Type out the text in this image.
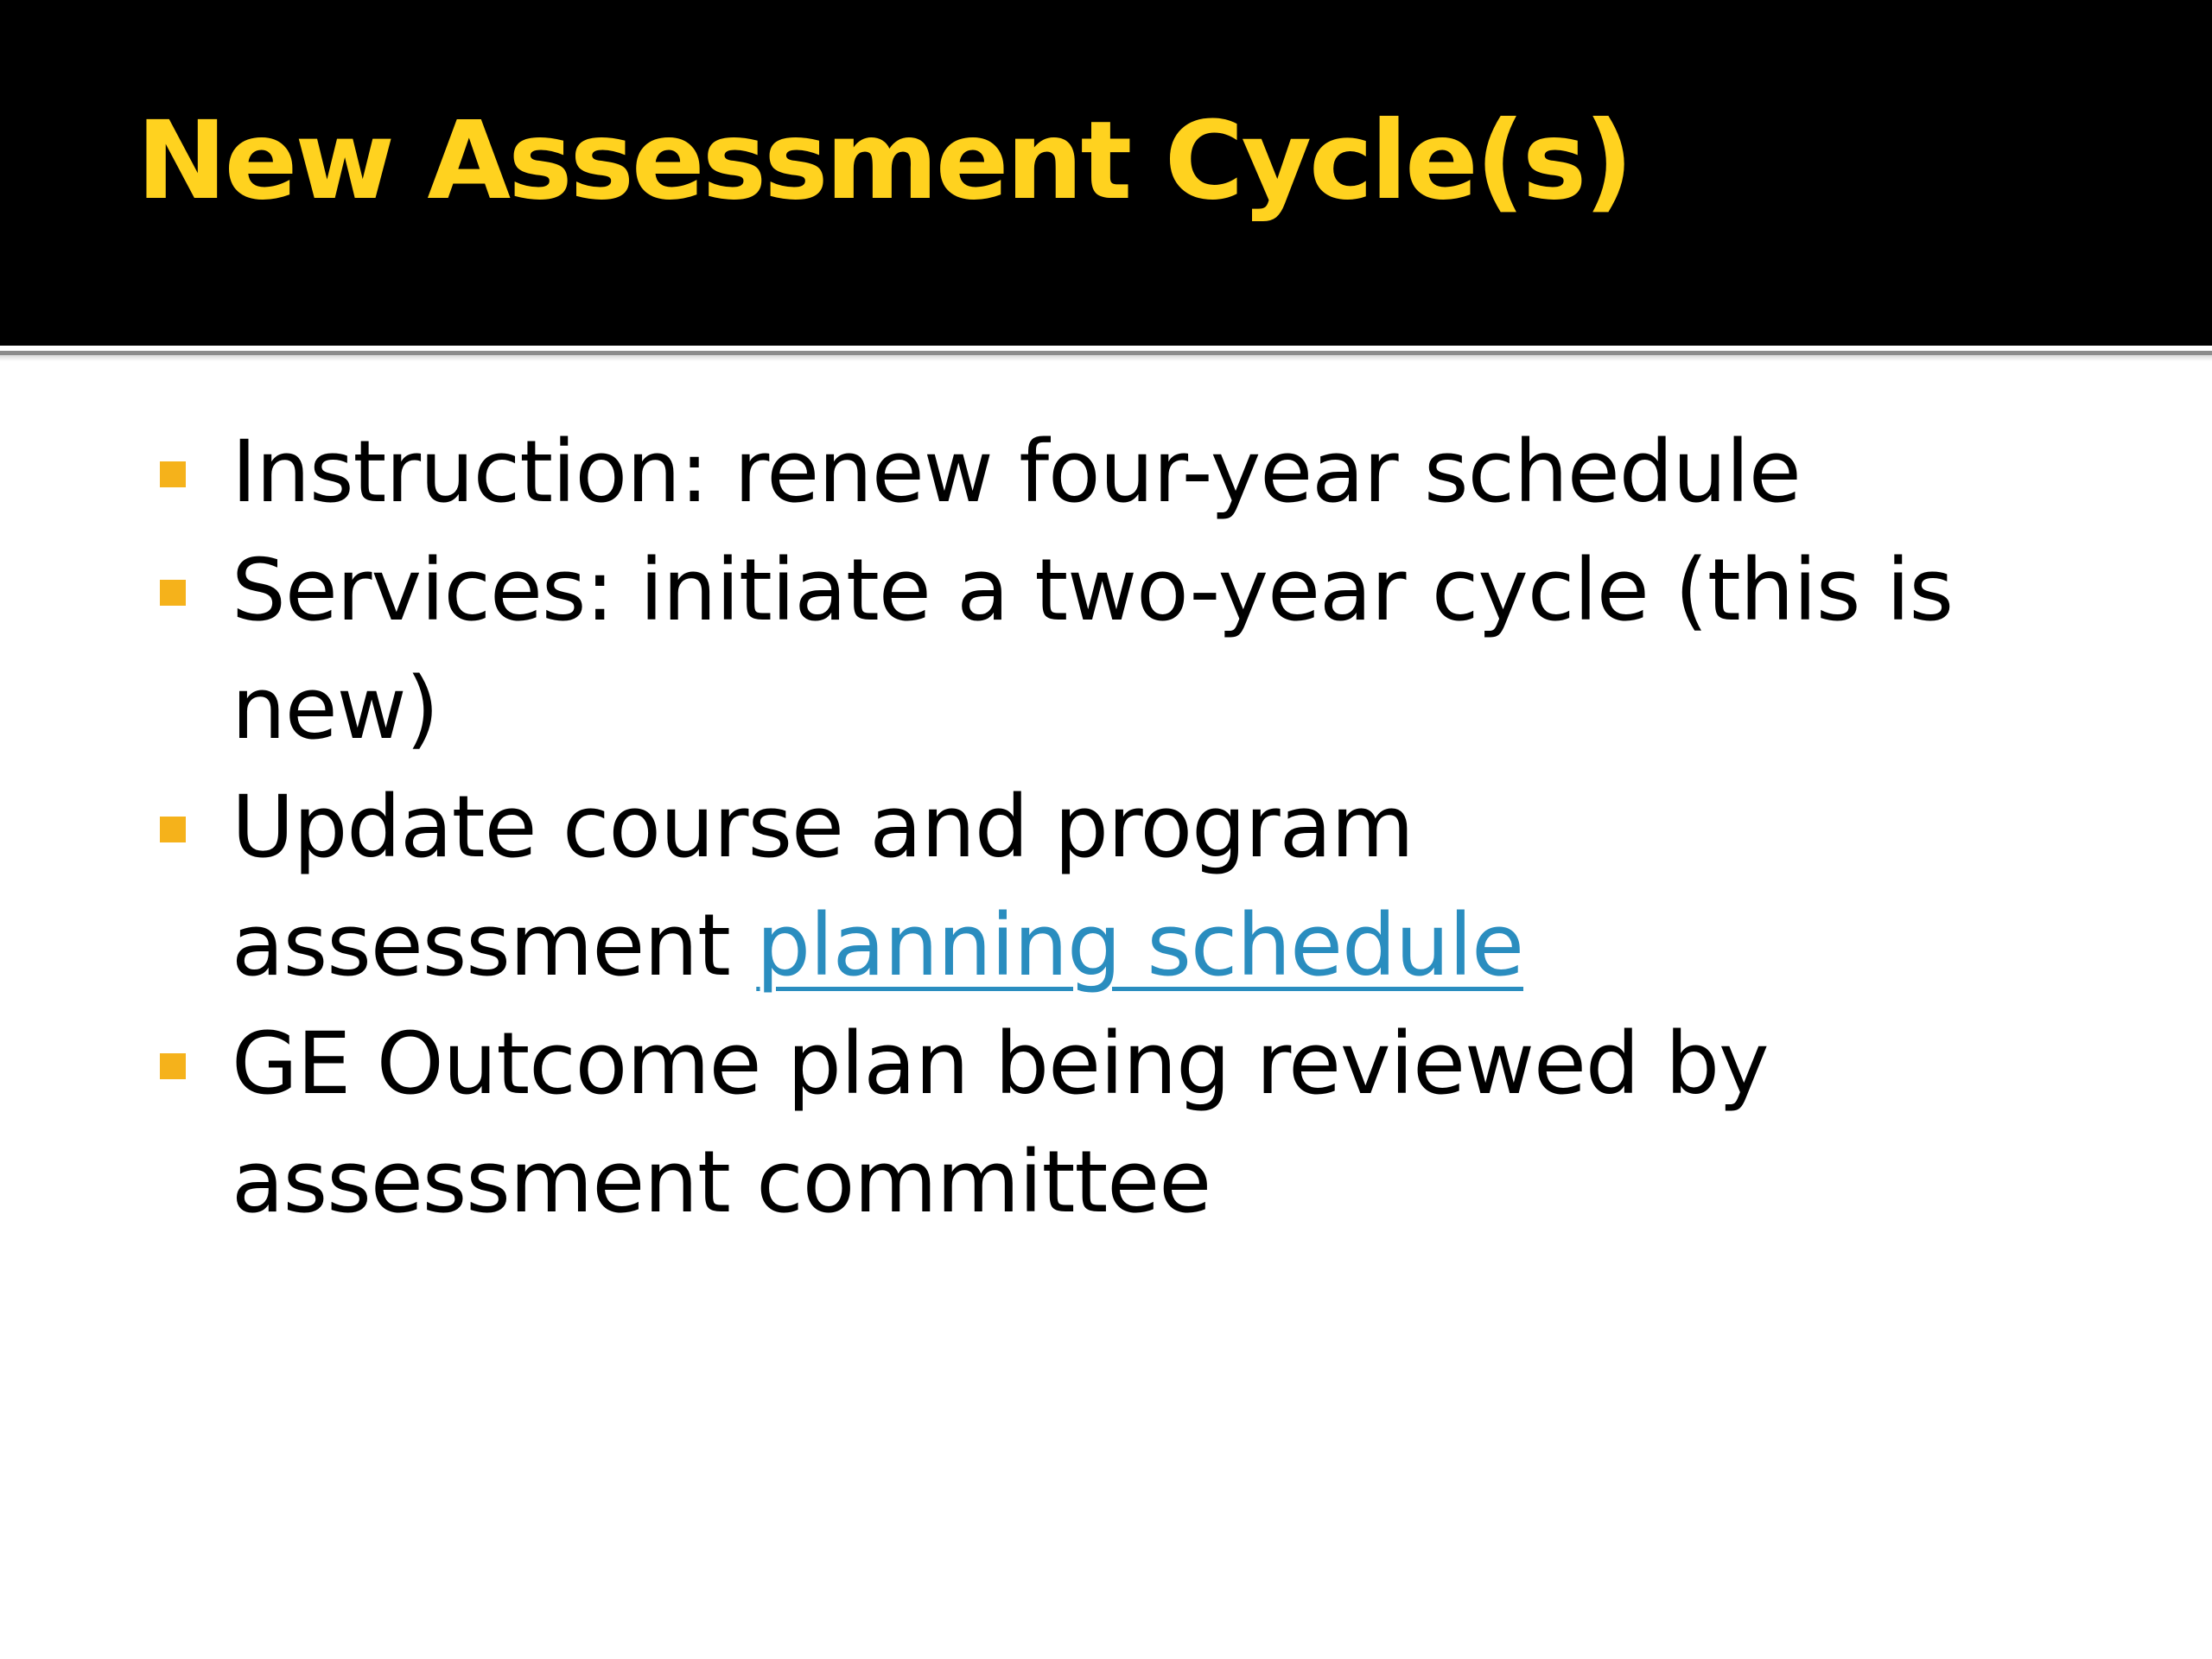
New Assessment Cycle(s)
Instruction: renew four-year schedule
Services: initiate a two-year cycle (this is new)
Update course and program assessment planning schedule
GE Outcome plan being reviewed by assessment committee
